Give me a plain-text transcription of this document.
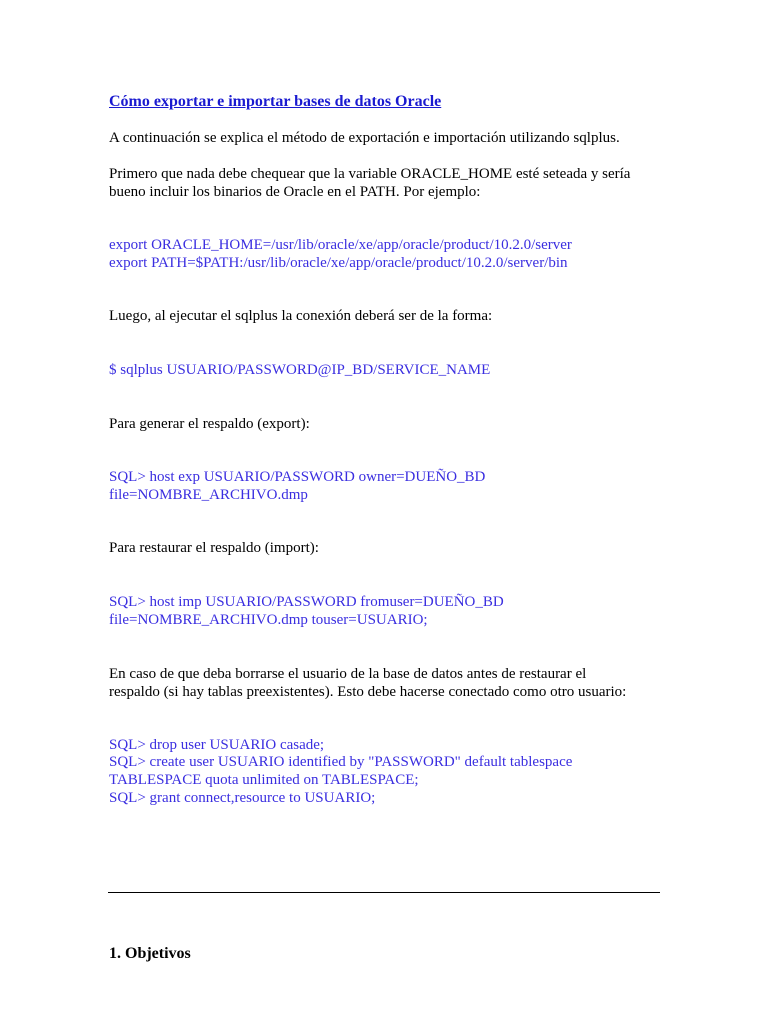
Cómo exportar e importar bases de datos Oracle
A continuación se explica el método de exportación e importación utilizando sqlplus.
Primero que nada debe chequear que la variable ORACLE_HOME esté seteada y sería
bueno incluir los binarios de Oracle en el PATH. Por ejemplo:
export ORACLE_HOME=/usr/lib/oracle/xe/app/oracle/product/10.2.0/server
export PATH=$PATH:/usr/lib/oracle/xe/app/oracle/product/10.2.0/server/bin
Luego, al ejecutar el sqlplus la conexión deberá ser de la forma:
$ sqlplus USUARIO/PASSWORD@IP_BD/SERVICE_NAME
Para generar el respaldo (export):
SQL> host exp USUARIO/PASSWORD owner=DUEÑO_BD
file=NOMBRE_ARCHIVO.dmp
Para restaurar el respaldo (import):
SQL> host imp USUARIO/PASSWORD fromuser=DUEÑO_BD
file=NOMBRE_ARCHIVO.dmp touser=USUARIO;
En caso de que deba borrarse el usuario de la base de datos antes de restaurar el
respaldo (si hay tablas preexistentes). Esto debe hacerse conectado como otro usuario:
SQL> drop user USUARIO casade;
SQL> create user USUARIO identified by "PASSWORD" default tablespace
TABLESPACE quota unlimited on TABLESPACE;
SQL> grant connect,resource to USUARIO;
1. Objetivos
